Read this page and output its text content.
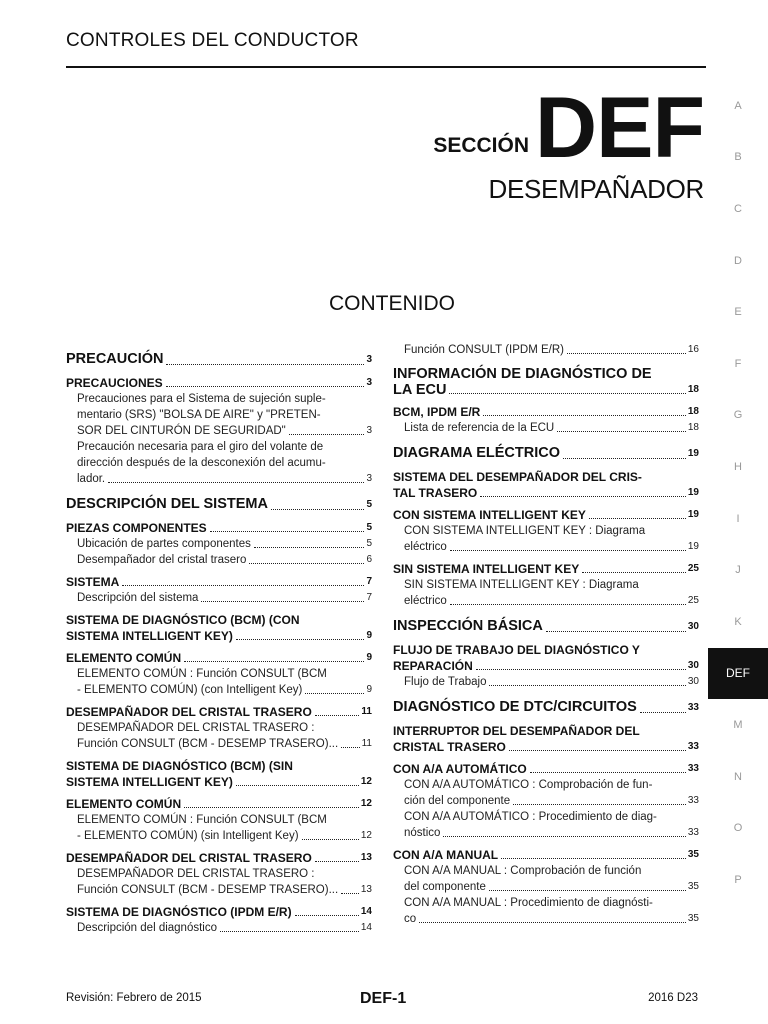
CONTROLES DEL CONDUCTOR
SECCIÓN DEF
DESEMPAÑADOR
CONTENIDO
PRECAUCIÓN	3
PRECAUCIONES	3
Precauciones para el Sistema de sujeción suple-
mentario (SRS) "BOLSA DE AIRE" y "PRETEN-
SOR DEL CINTURÓN DE SEGURIDAD"	3
Precaución necesaria para el giro del volante de
dirección después de la desconexión del acumu-
lador.	3
DESCRIPCIÓN DEL SISTEMA	5
PIEZAS COMPONENTES	5
Ubicación de partes componentes	5
Desempañador del cristal trasero	6
SISTEMA	7
Descripción del sistema	7
SISTEMA DE DIAGNÓSTICO (BCM) (CON
SISTEMA INTELLIGENT KEY)	9
ELEMENTO COMÚN	9
ELEMENTO COMÚN : Función CONSULT (BCM
- ELEMENTO COMÚN) (con Intelligent Key)	9
DESEMPAÑADOR DEL CRISTAL TRASERO	11
DESEMPAÑADOR DEL CRISTAL TRASERO :
Función CONSULT (BCM - DESEMP TRASERO)... 11
SISTEMA DE DIAGNÓSTICO (BCM) (SIN
SISTEMA INTELLIGENT KEY)	12
ELEMENTO COMÚN	12
ELEMENTO COMÚN : Función CONSULT (BCM
- ELEMENTO COMÚN) (sin Intelligent Key)	12
DESEMPAÑADOR DEL CRISTAL TRASERO	13
DESEMPAÑADOR DEL CRISTAL TRASERO :
Función CONSULT (BCM - DESEMP TRASERO)... 13
SISTEMA DE DIAGNÓSTICO (IPDM E/R)	14
Descripción del diagnóstico	14
Función CONSULT (IPDM E/R)	16
INFORMACIÓN DE DIAGNÓSTICO DE
LA ECU	18
BCM, IPDM E/R	18
Lista de referencia de la ECU	18
DIAGRAMA ELÉCTRICO	19
SISTEMA DEL DESEMPAÑADOR DEL CRIS-
TAL TRASERO	19
CON SISTEMA INTELLIGENT KEY	19
CON SISTEMA INTELLIGENT KEY : Diagrama
eléctrico	19
SIN SISTEMA INTELLIGENT KEY	25
SIN SISTEMA INTELLIGENT KEY : Diagrama
eléctrico	25
INSPECCIÓN BÁSICA	30
FLUJO DE TRABAJO DEL DIAGNÓSTICO Y
REPARACIÓN	30
Flujo de Trabajo	30
DIAGNÓSTICO DE DTC/CIRCUITOS	33
INTERRUPTOR DEL DESEMPAÑADOR DEL
CRISTAL TRASERO	33
CON A/A AUTOMÁTICO	33
CON A/A AUTOMÁTICO : Comprobación de fun-
ción del componente	33
CON A/A AUTOMÁTICO : Procedimiento de diag-
nóstico	33
CON A/A MANUAL	35
CON A/A MANUAL : Comprobación de función
del componente	35
CON A/A MANUAL : Procedimiento de diagnósti-
co	35
A
B
C
D
E
F
G
H
I
J
K
DEF
M
N
O
P
Revisión: Febrero de 2015	DEF-1	2016 D23
